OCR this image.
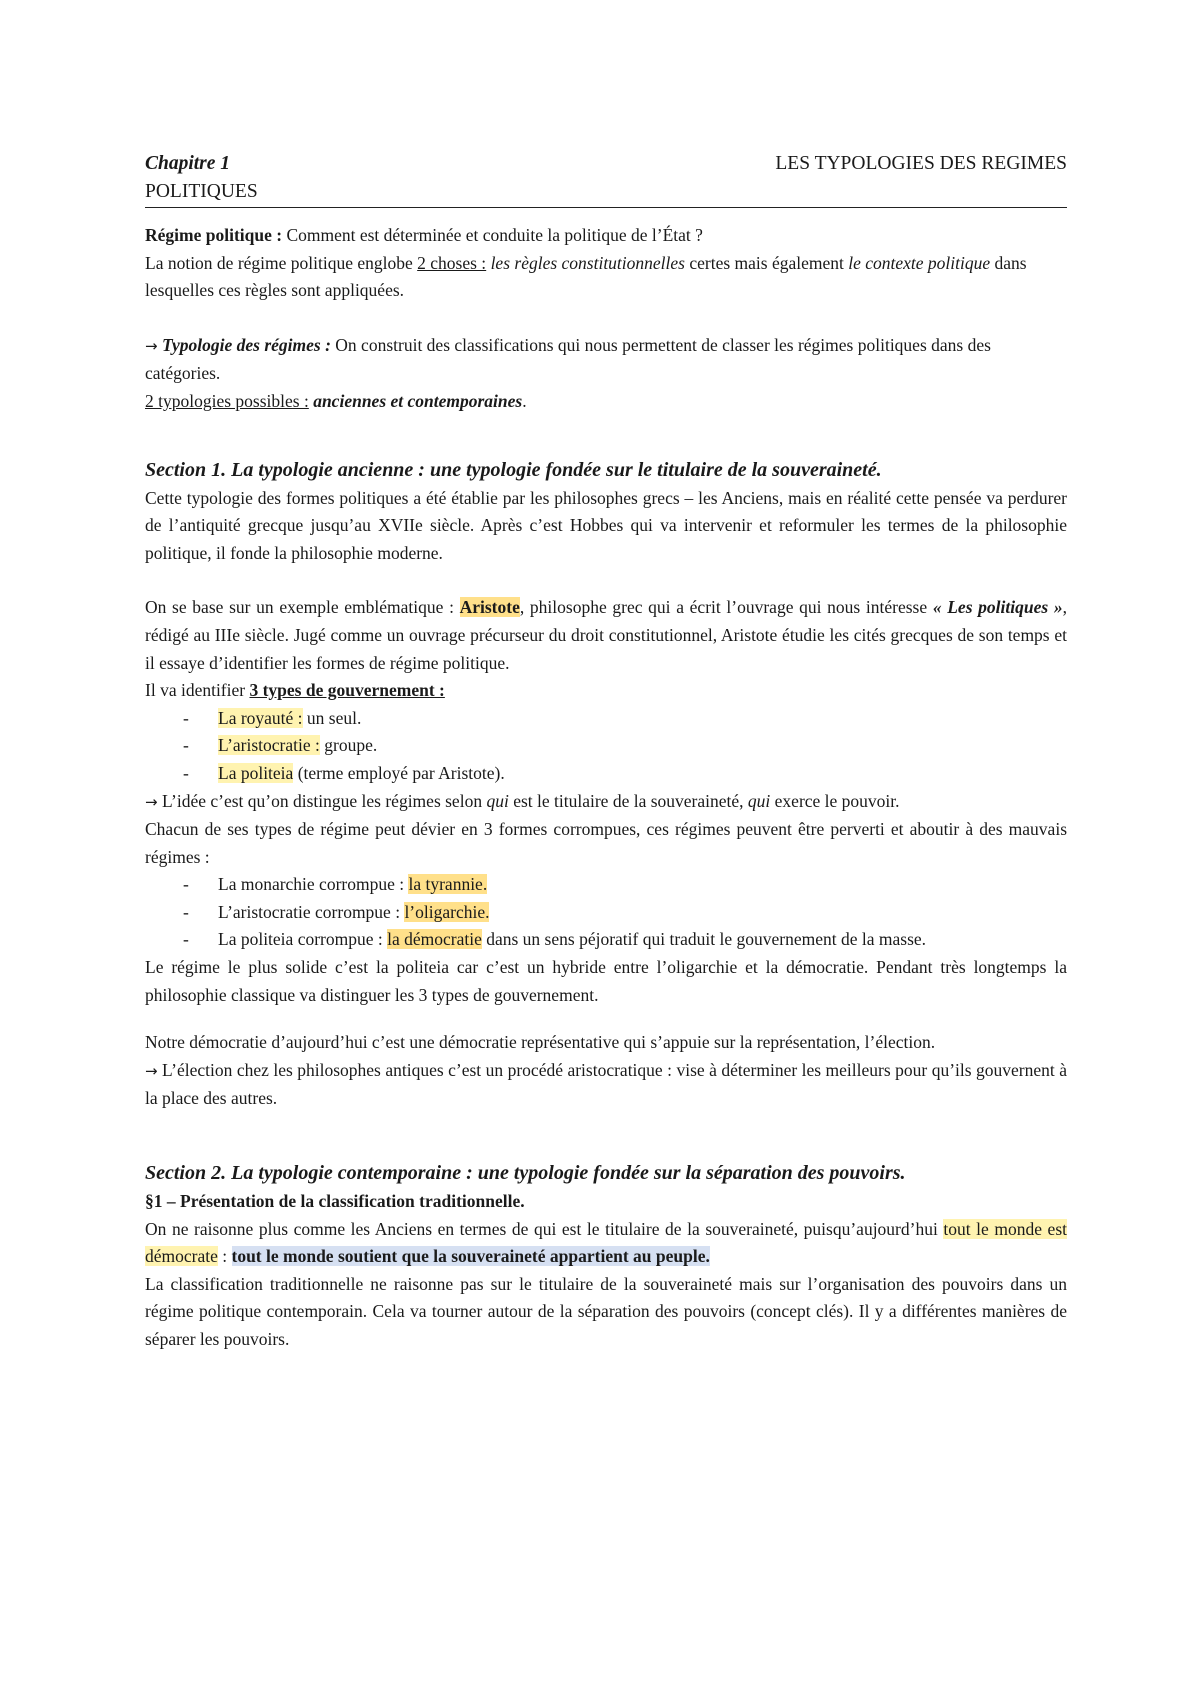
Chapitre 1	LES TYPOLOGIES DES REGIMES
POLITIQUES

Régime politique : Comment est déterminée et conduite la politique de l’État ?

La notion de régime politique englobe 2 choses : les règles constitutionnelles certes mais également le contexte politique dans lesquelles ces règles sont appliquées.

→ Typologie des régimes : On construit des classifications qui nous permettent de classer les régimes politiques dans des catégories.

2 typologies possibles : anciennes et contemporaines.

Section 1. La typologie ancienne : une typologie fondée sur le titulaire de la souveraineté.

Cette typologie des formes politiques a été établie par les philosophes grecs – les Anciens, mais en réalité cette pensée va perdurer de l’antiquité grecque jusqu’au XVIIe siècle. Après c’est Hobbes qui va intervenir et reformuler les termes de la philosophie politique, il fonde la philosophie moderne.

On se base sur un exemple emblématique : Aristote, philosophe grec qui a écrit l’ouvrage qui nous intéresse « Les politiques », rédigé au IIIe siècle. Jugé comme un ouvrage précurseur du droit constitutionnel, Aristote étudie les cités grecques de son temps et il essaye d’identifier les formes de régime politique.

Il va identifier 3 types de gouvernement :

- La royauté : un seul.
- L’aristocratie : groupe.
- La politeia (terme employé par Aristote).

→ L’idée c’est qu’on distingue les régimes selon qui est le titulaire de la souveraineté, qui exerce le pouvoir.

Chacun de ses types de régime peut dévier en 3 formes corrompues, ces régimes peuvent être perverti et aboutir à des mauvais régimes :

- La monarchie corrompue : la tyrannie.
- L’aristocratie corrompue : l’oligarchie.
- La politeia corrompue : la démocratie dans un sens péjoratif qui traduit le gouvernement de la masse.

Le régime le plus solide c’est la politeia car c’est un hybride entre l’oligarchie et la démocratie. Pendant très longtemps la philosophie classique va distinguer les 3 types de gouvernement.

Notre démocratie d’aujourd’hui c’est une démocratie représentative qui s’appuie sur la représentation, l’élection.

→ L’élection chez les philosophes antiques c’est un procédé aristocratique : vise à déterminer les meilleurs pour qu’ils gouvernent à la place des autres.

Section 2. La typologie contemporaine : une typologie fondée sur la séparation des pouvoirs.

§1 – Présentation de la classification traditionnelle.

On ne raisonne plus comme les Anciens en termes de qui est le titulaire de la souveraineté, puisqu’aujourd’hui tout le monde est démocrate : tout le monde soutient que la souveraineté appartient au peuple.

La classification traditionnelle ne raisonne pas sur le titulaire de la souveraineté mais sur l’organisation des pouvoirs dans un régime politique contemporain. Cela va tourner autour de la séparation des pouvoirs (concept clés). Il y a différentes manières de séparer les pouvoirs.
